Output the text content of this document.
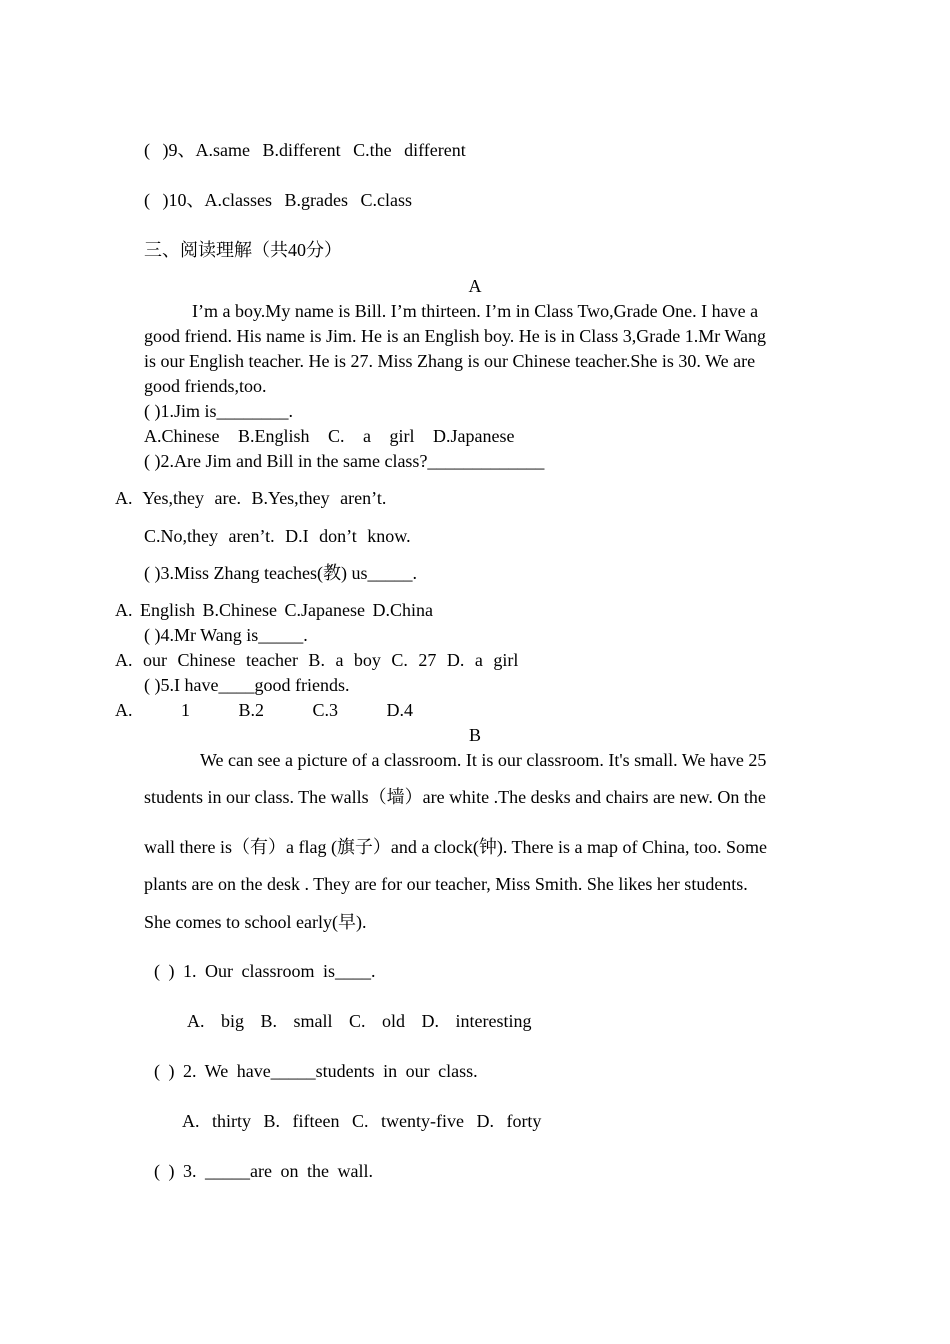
( )9、A.same B.different C.the different
( )10、A.classes B.grades C.class
三、阅读理解（共40分）
A
I’m a boy.My name is Bill. I’m thirteen. I’m in Class Two,Grade One. I have a
good friend. His name is Jim. He is an English boy. He is in Class 3,Grade 1.Mr Wang
is our English teacher. He is 27. Miss Zhang is our Chinese teacher.She is 30. We are
good friends,too.
( )1.Jim is________.
A.Chinese B.English C. a girl D.Japanese
( )2.Are Jim and Bill in the same class?_____________
A. Yes,they are. B.Yes,they aren’t.
C.No,they aren’t. D.I don’t know.
( )3.Miss Zhang teaches(教) us_____.
A. English B.Chinese C.Japanese D.China
( )4.Mr Wang is_____.
A. our Chinese teacher B. a boy C. 27 D. a girl
( )5.I have____good friends.
A. 1 B.2 C.3 D.4
B
We can see a picture of a classroom. It is our classroom. It's small. We have 25
students in our class. The walls（墙）are white .The desks and chairs are new. On the
wall there is（有）a flag (旗子）and a clock(钟). There is a map of China, too. Some
plants are on the desk . They are for our teacher, Miss Smith. She likes her students.
She comes to school early(早).
( ) 1. Our classroom is____.
A. big B. small C. old D. interesting
( ) 2. We have_____students in our class.
A. thirty B. fifteen C. twenty-five D. forty
( ) 3. _____are on the wall.
